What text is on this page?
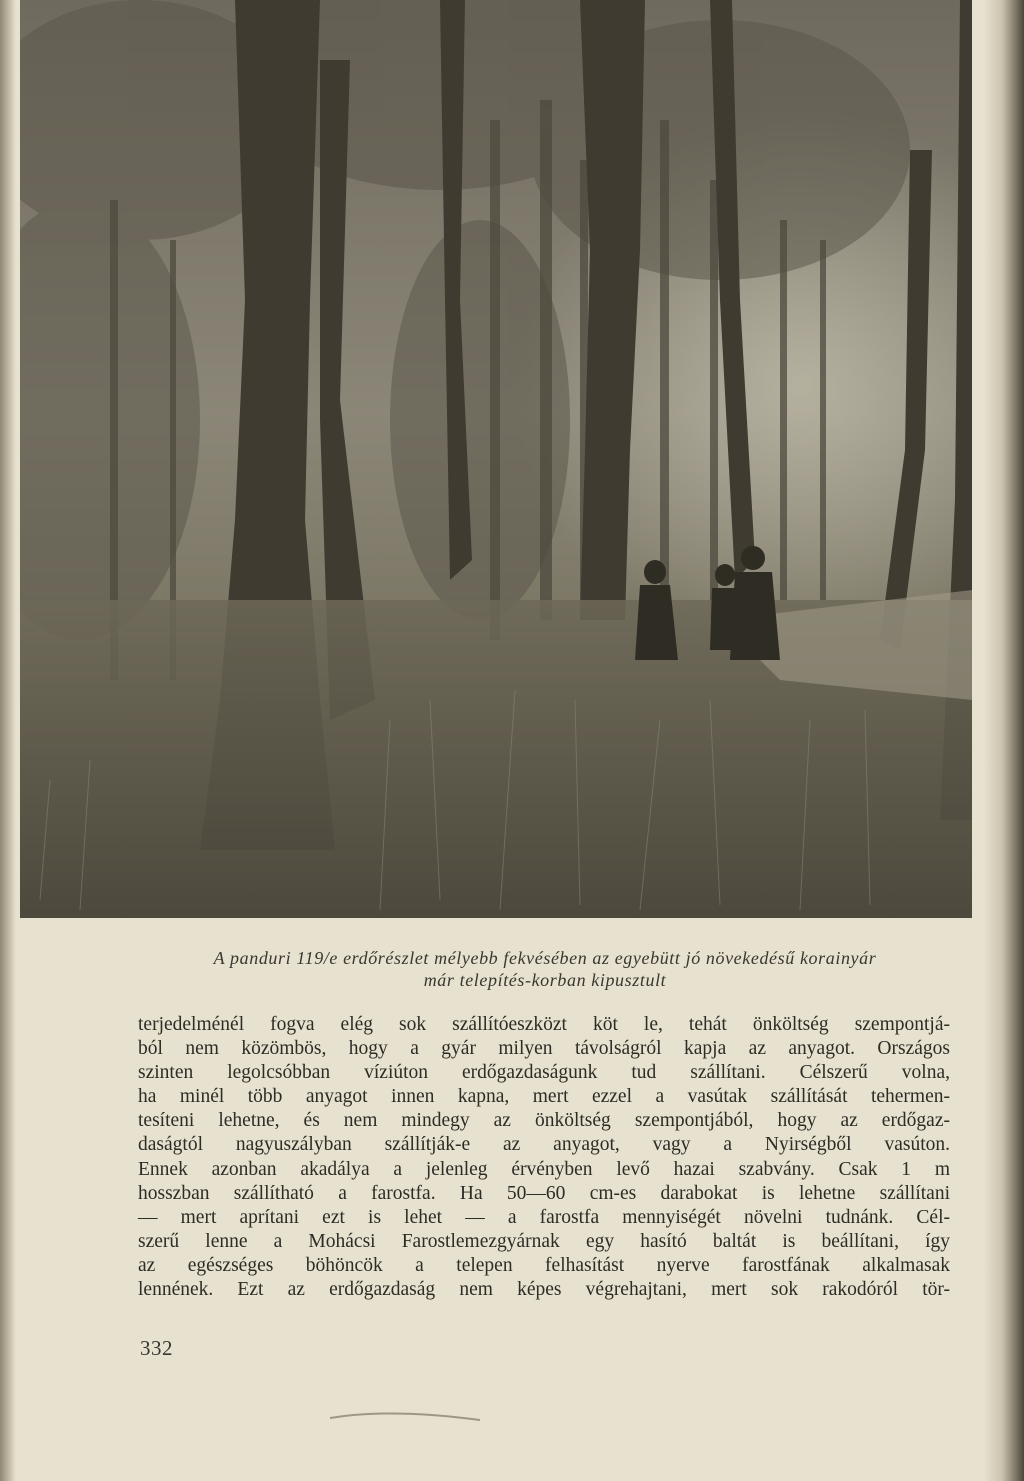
A panduri 119/e erdőrészlet mélyebb fekvésében az egyebütt jó növekedésű korainyár
már telepítés-korban kipusztult
terjedelménél fogva elég sok szállítóeszközt köt le, tehát önköltség szempontjá-
ból nem közömbös, hogy a gyár milyen távolságról kapja az anyagot. Országos
szinten legolcsóbban víziúton erdőgazdaságunk tud szállítani. Célszerű volna,
ha minél több anyagot innen kapna, mert ezzel a vasútak szállítását tehermen-
tesíteni lehetne, és nem mindegy az önköltség szempontjából, hogy az erdőgaz-
daságtól nagyuszályban szállítják-e az anyagot, vagy a Nyirségből vasúton.
Ennek azonban akadálya a jelenleg érvényben levő hazai szabvány. Csak 1 m
hosszban szállítható a farostfa. Ha 50—60 cm-es darabokat is lehetne szállítani
— mert aprítani ezt is lehet — a farostfa mennyiségét növelni tudnánk. Cél-
szerű lenne a Mohácsi Farostlemezgyárnak egy hasító baltát is beállítani, így
az egészséges böhöncök a telepen felhasítást nyerve farostfának alkalmasak
lennének. Ezt az erdőgazdaság nem képes végrehajtani, mert sok rakodóról tör-
332
